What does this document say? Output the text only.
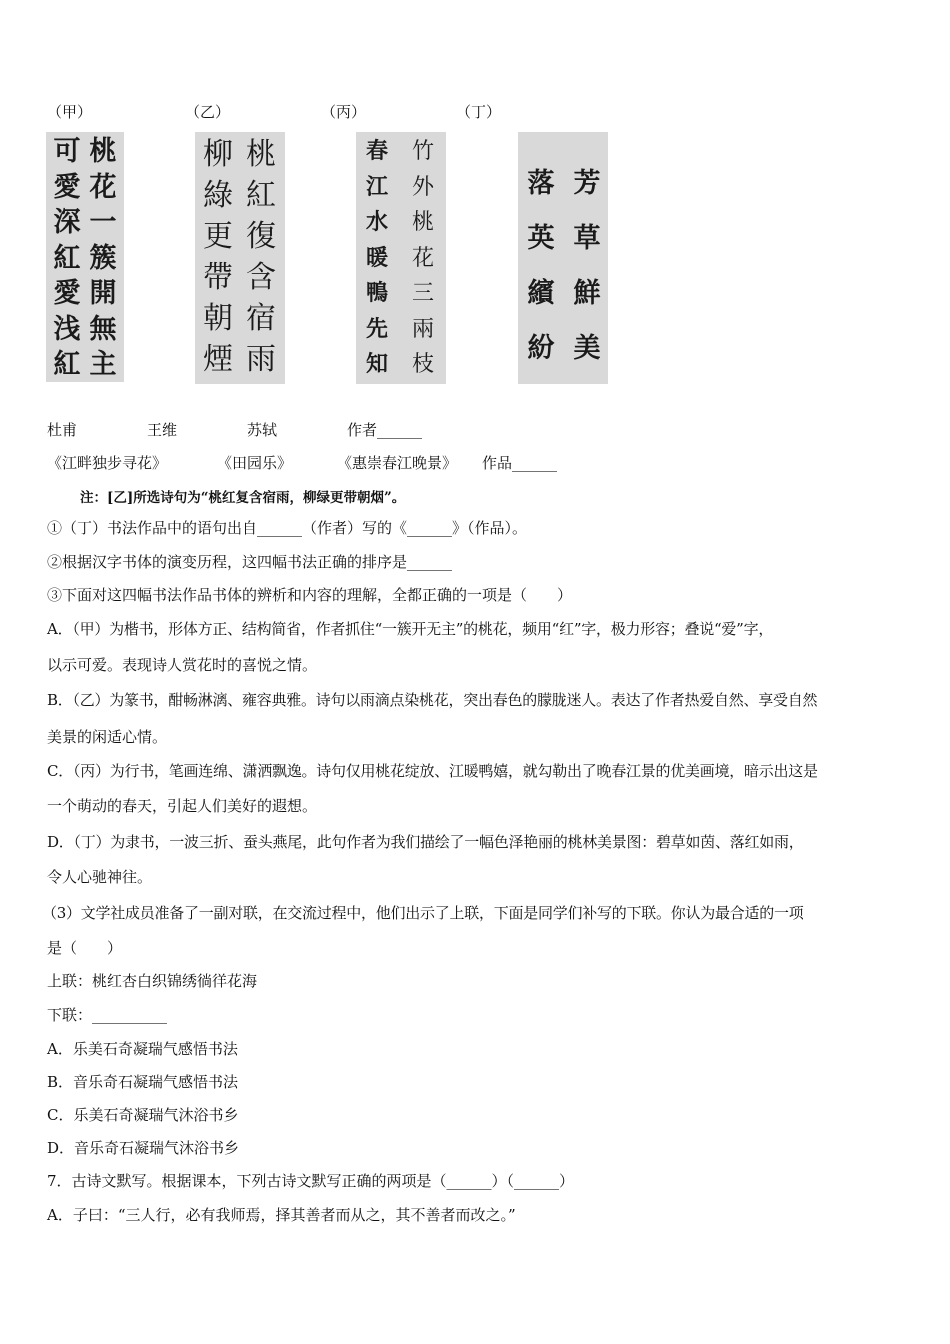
（甲）	（乙）	（丙）	（丁）
桃花一簇開無主
可愛深紅愛浅紅
桃紅復含宿雨
柳綠更帶朝煙
竹外桃花三兩枝
春江水暖鴨先知
芳草鮮美
落英繽紛
杜甫	王维	苏轼	作者______
《江畔独步寻花》	《田园乐》	《惠崇春江晚景》 作品______
注：[乙]所选诗句为“桃红复含宿雨，柳绿更带朝烟”。
①（丁）书法作品中的语句出自______（作者）写的《______》（作品）。
②根据汉字书体的演变历程，这四幅书法正确的排序是______
③下面对这四幅书法作品书体的辨析和内容的理解，全都正确的一项是（　　）
A．（甲）为楷书，形体方正、结构简省，作者抓住“一簇开无主”的桃花，频用“红”字，极力形容；叠说“爱”字，
以示可爱。表现诗人赏花时的喜悦之情。
B．（乙）为篆书，酣畅淋漓、雍容典雅。诗句以雨滴点染桃花，突出春色的朦胧迷人。表达了作者热爱自然、享受自然
美景的闲适心情。
C．（丙）为行书，笔画连绵、潇洒飘逸。诗句仅用桃花绽放、江暖鸭嬉，就勾勒出了晚春江景的优美画境，暗示出这是
一个萌动的春天，引起人们美好的遐想。
D．（丁）为隶书，一波三折、蚕头燕尾，此句作者为我们描绘了一幅色泽艳丽的桃林美景图：碧草如茵、落红如雨，
令人心驰神往。
（3）文学社成员准备了一副对联，在交流过程中，他们出示了上联，下面是同学们补写的下联。你认为最合适的一项
是（　　）
上联：桃红杏白织锦绣徜徉花海
下联：__________
A．乐美石奇凝瑞气感悟书法
B．音乐奇石凝瑞气感悟书法
C．乐美石奇凝瑞气沐浴书乡
D．音乐奇石凝瑞气沐浴书乡
7．古诗文默写。根据课本，下列古诗文默写正确的两项是（______）（______）
A．子曰：“三人行，必有我师焉，择其善者而从之，其不善者而改之。”
